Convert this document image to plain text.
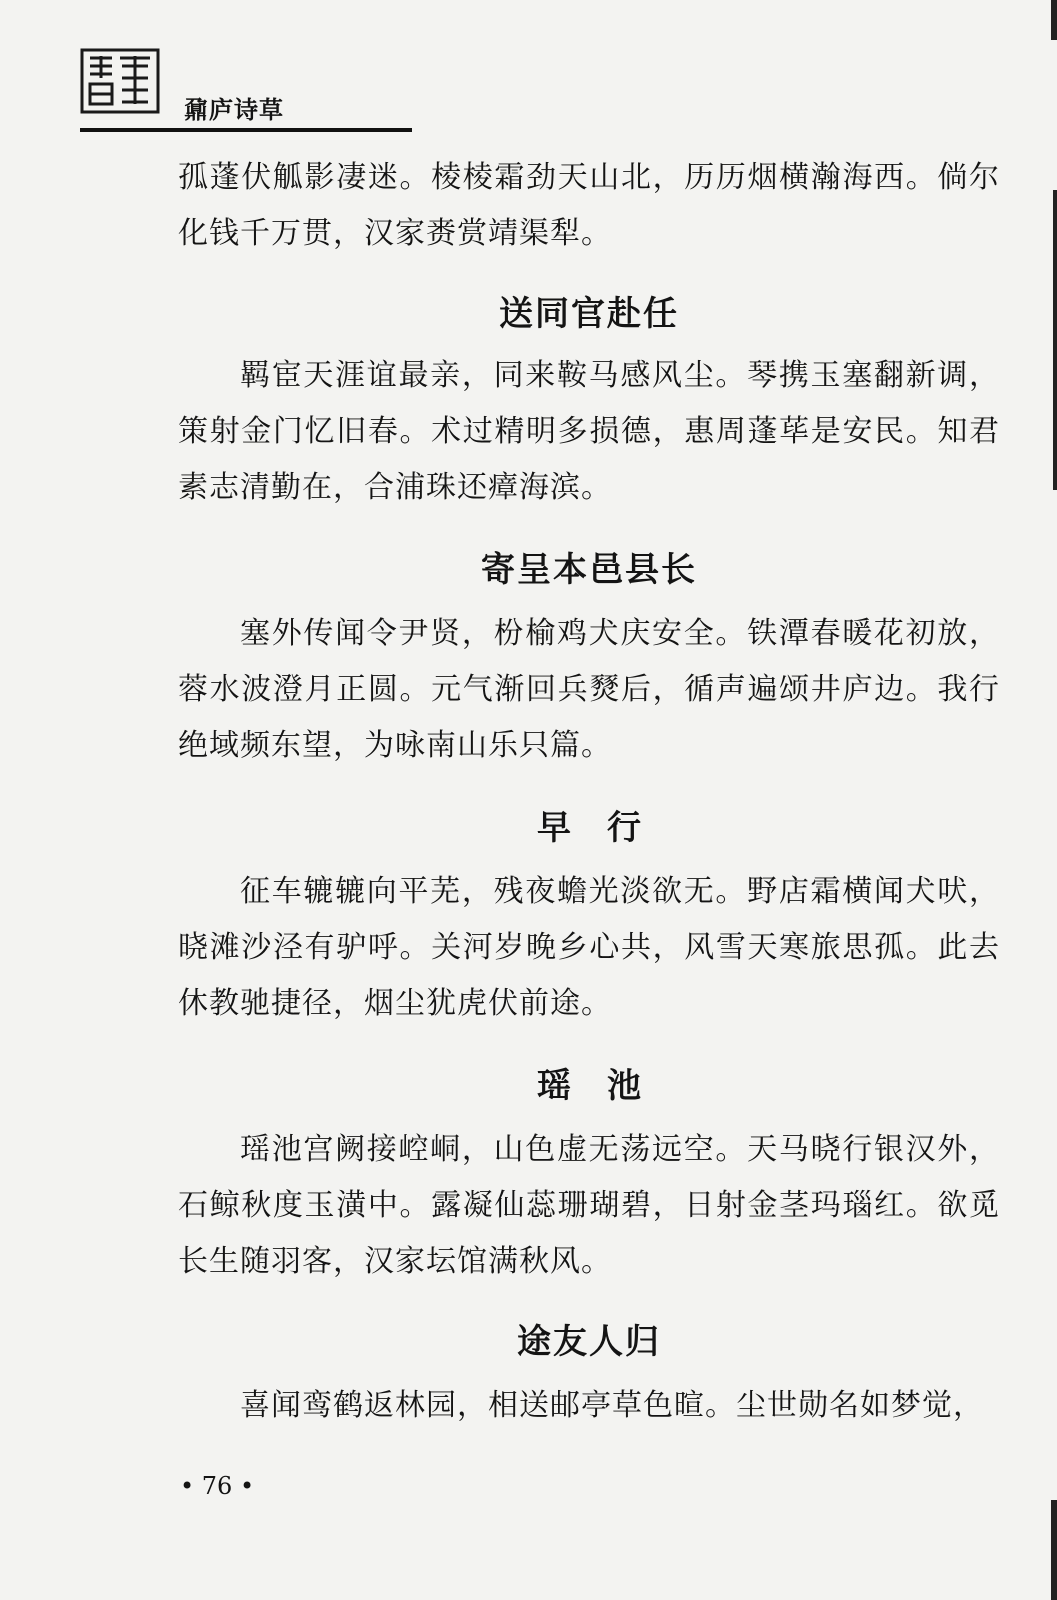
鼐庐诗草

孤蓬伏觚影凄迷。棱棱霜劲天山北，历历烟横瀚海西。倘尔化钱千万贯，汉家赉赏靖渠犁。

送同官赴任

羁宦天涯谊最亲，同来鞍马感风尘。琴携玉塞翻新调，策射金门忆旧春。术过精明多损德，惠周蓬荜是安民。知君素志清勤在，合浦珠还瘴海滨。

寄呈本邑县长

塞外传闻令尹贤，枌榆鸡犬庆安全。铁潭春暖花初放，蓉水波澄月正圆。元气渐回兵燹后，循声遍颂井庐边。我行绝域频东望，为咏南山乐只篇。

早行

征车辘辘向平芜，残夜蟾光淡欲无。野店霜横闻犬吠，晓滩沙泾有驴呼。关河岁晚乡心共，风雪天寒旅思孤。此去休教驰捷径，烟尘犹虎伏前途。

瑶池

瑶池宫阙接崆峒，山色虚无荡远空。天马晓行银汉外，石鲸秋度玉潢中。露凝仙蕊珊瑚碧，日射金茎玛瑙红。欲觅长生随羽客，汉家坛馆满秋风。

途友人归

喜闻鸾鹤返林园，相送邮亭草色暄。尘世勋名如梦觉，

• 76 •
